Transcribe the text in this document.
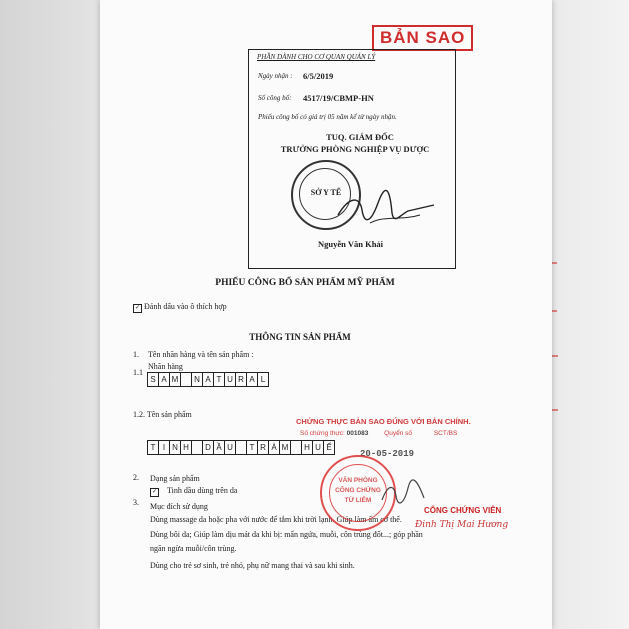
BẢN SAO
PHẦN DÀNH CHO CƠ QUAN QUẢN LÝ
Ngày nhận : 6/5/2019
Số công bố: 4517/19/CBMP-HN
Phiếu công bố có giá trị 05 năm kể từ ngày nhận.
TUQ. GIÁM ĐỐC
TRƯỞNG PHÒNG NGHIỆP VỤ DƯỢC
SỞ Y TẾ
Nguyễn Văn Khải
PHIẾU CÔNG BỐ SẢN PHẨM MỸ PHẨM
✓ Đánh dấu vào ô thích hợp
THÔNG TIN SẢN PHẨM
1. Tên nhãn hàng và tên sản phẩm :
1.1
Nhãn hàng
S A M	N A T U R A L
1.2. Tên sản phẩm
T I N H	D Ầ U	T R À M	H U Ế
2. Dạng sản phẩm
✓ Tinh dầu dùng trên da
3. Mục đích sử dụng
Dùng massage da hoặc pha với nước để tắm khi trời lạnh. Giúp làm ấm cơ thể.
Dùng bôi da; Giúp làm dịu mát da khi bị: mẩn ngứa, muỗi, côn trùng đốt...; góp phần
ngăn ngừa muỗi/côn trùng.
Dùng cho trẻ sơ sinh, trẻ nhỏ, phụ nữ mang thai và sau khi sinh.
CHỨNG THỰC BẢN SAO ĐÚNG VỚI BẢN CHÍNH.
Số chứng thực: 001083 Quyển số	SCT/BS
20-05-2019
VĂN PHÒNG
CÔNG CHỨNG
TỪ LIÊM
CÔNG CHỨNG VIÊN
Đinh Thị Mai Hương
